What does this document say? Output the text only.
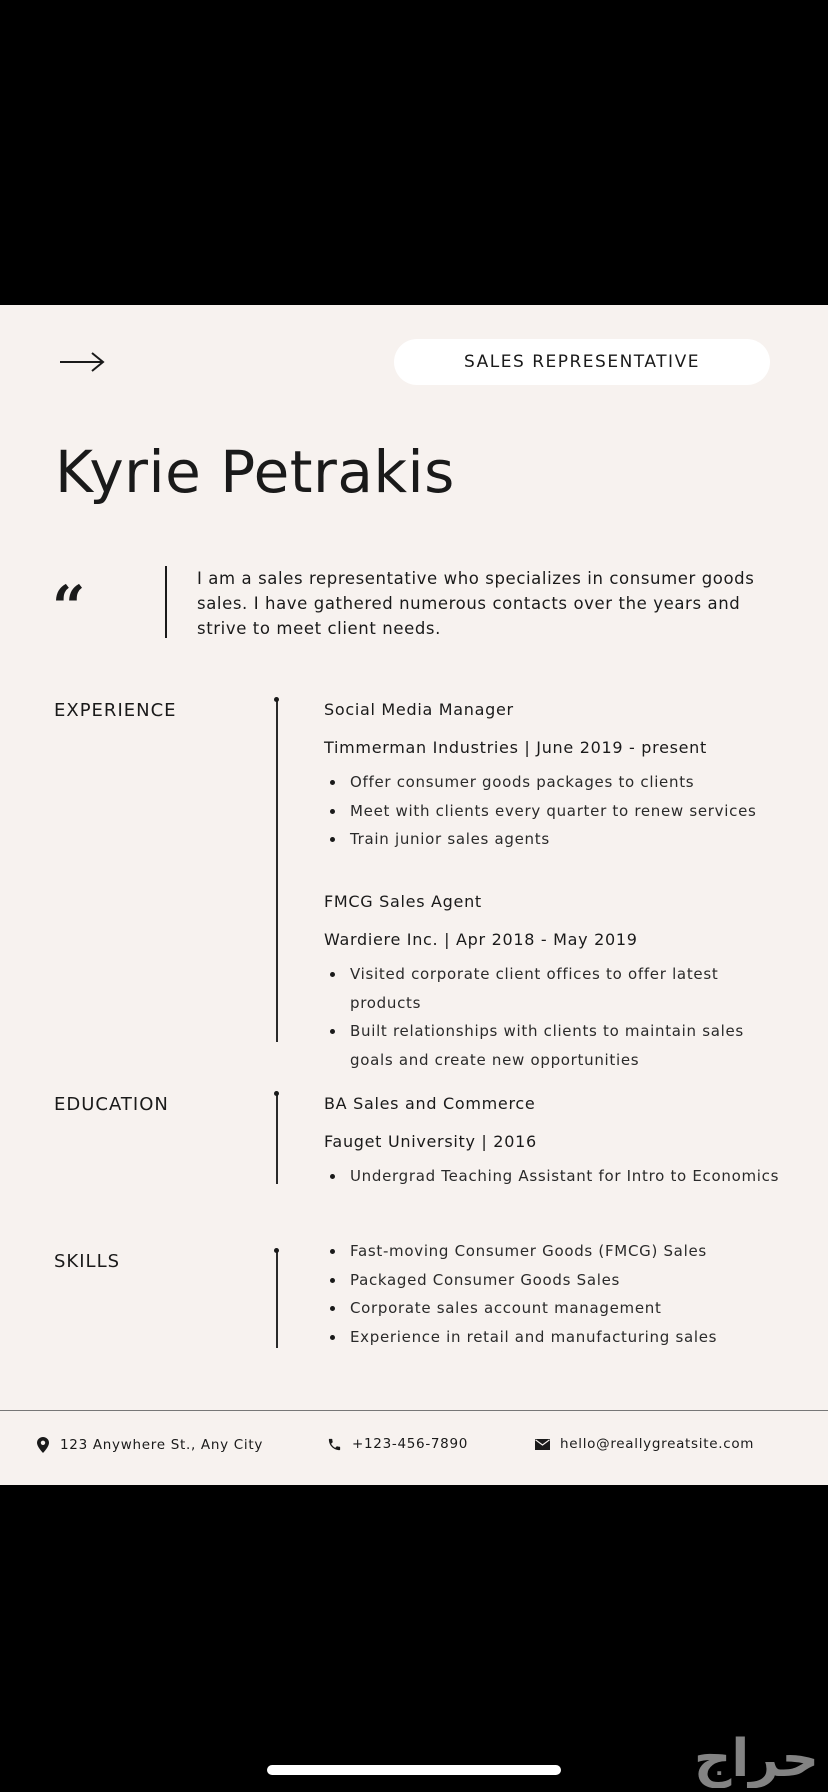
SALES REPRESENTATIVE
Kyrie Petrakis
“	I am a sales representative who specializes in consumer goods sales. I have gathered numerous contacts over the years and strive to meet client needs.
EXPERIENCE	Social Media Manager
Timmerman Industries | June 2019 - present
Offer consumer goods packages to clients
Meet with clients every quarter to renew services
Train junior sales agents
FMCG Sales Agent
Wardiere Inc. | Apr 2018 - May 2019
Visited corporate client offices to offer latest products
Built relationships with clients to maintain sales goals and create new opportunities
EDUCATION	BA Sales and Commerce
Fauget University | 2016
Undergrad Teaching Assistant for Intro to Economics
SKILLS	Fast-moving Consumer Goods (FMCG) Sales
Packaged Consumer Goods Sales
Corporate sales account management
Experience in retail and manufacturing sales
123 Anywhere St., Any City	+123-456-7890	hello@reallygreatsite.com
حراج
